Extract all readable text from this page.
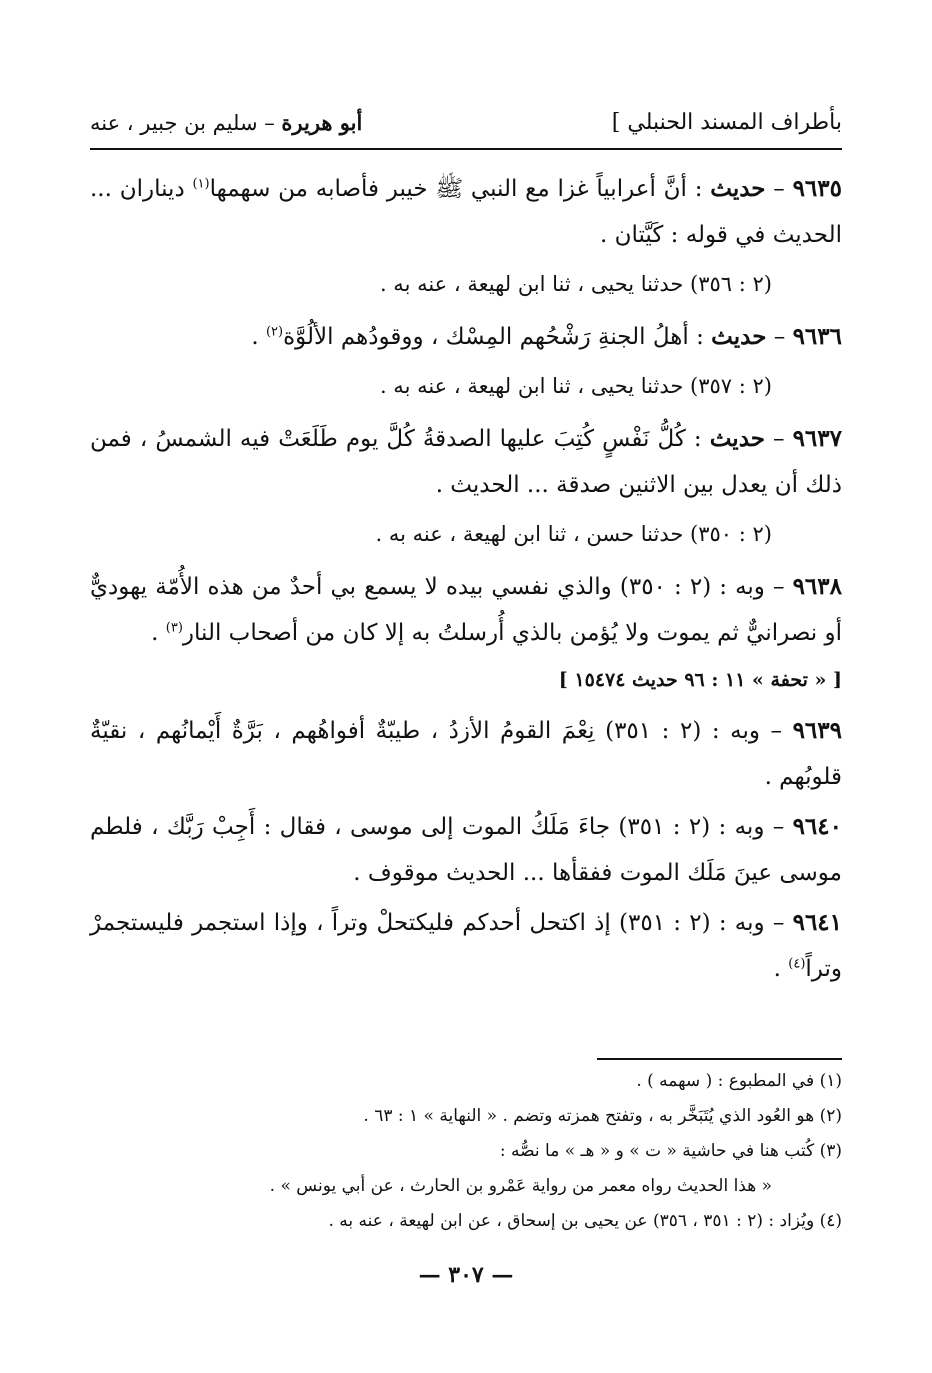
بأطراف المسند الحنبلي ]
أبو هريرة – سليم بن جبير ، عنه

٩٦٣٥ – حديث : أنَّ أعرابياً غزا مع النبي ﷺ خيبر فأصابه من سهمها$^{(١)}$ ديناران ... الحديث في قوله : كَيَّتان .

(٢ : ٣٥٦) حدثنا يحيى ، ثنا ابن لهيعة ، عنه به .

٩٦٣٦ – حديث : أهلُ الجنةِ رَشْحُهم المِسْك ، ووقودُهم الألُوَّة$^{(٢)}$ .

(٢ : ٣٥٧) حدثنا يحيى ، ثنا ابن لهيعة ، عنه به .

٩٦٣٧ – حديث : كُلُّ نَفْسٍ كُتِبَ عليها الصدقةُ كُلَّ يوم طَلَعَتْ فيه الشمسُ ، فمن ذلك أن يعدل بين الاثنين صدقة ... الحديث .

(٢ : ٣٥٠) حدثنا حسن ، ثنا ابن لهيعة ، عنه به .

٩٦٣٨ – وبه : (٢ : ٣٥٠) والذي نفسي بيده لا يسمع بي أحدٌ من هذه الأُمّة يهوديٌّ أو نصرانيٌّ ثم يموت ولا يُؤمن بالذي أُرسلتُ به إلا كان من أصحاب النار$^{(٣)}$ .

[ « تحفة » ١١ : ٩٦ حديث ١٥٤٧٤ ]

٩٦٣٩ – وبه : (٢ : ٣٥١) نِعْمَ القومُ الأزدُ ، طيبّةٌ أفواهُهم ، بَرَّةٌ أَيْمانُهم ، نقيّةٌ قلوبُهم .

٩٦٤٠ – وبه : (٢ : ٣٥١) جاءَ مَلَكُ الموت إلى موسى ، فقال : أَجِبْ رَبَّك ، فلطم موسى عينَ مَلَك الموت ففقأها ... الحديث موقوف .

٩٦٤١ – وبه : (٢ : ٣٥١) إذ اكتحل أحدكم فليكتحلْ وتراً ، وإذا استجمر فليستجمرْ وتراً$^{(٤)}$ .

(١) في المطبوع : ( سهمه ) .

(٢) هو العُود الذي يُتَبَخَّر به ، وتفتح همزته وتضم . « النهاية » ١ : ٦٣ .

(٣) كُتب هنا في حاشية « ت » و « هـ » ما نصُّه :

« هذا الحديث رواه معمر من رواية عَمْرو بن الحارث ، عن أبي يونس » .

(٤) ويُزاد : (٢ : ٣٥١ ، ٣٥٦) عن يحيى بن إسحاق ، عن ابن لهيعة ، عنه به .

— ٣٠٧ —
